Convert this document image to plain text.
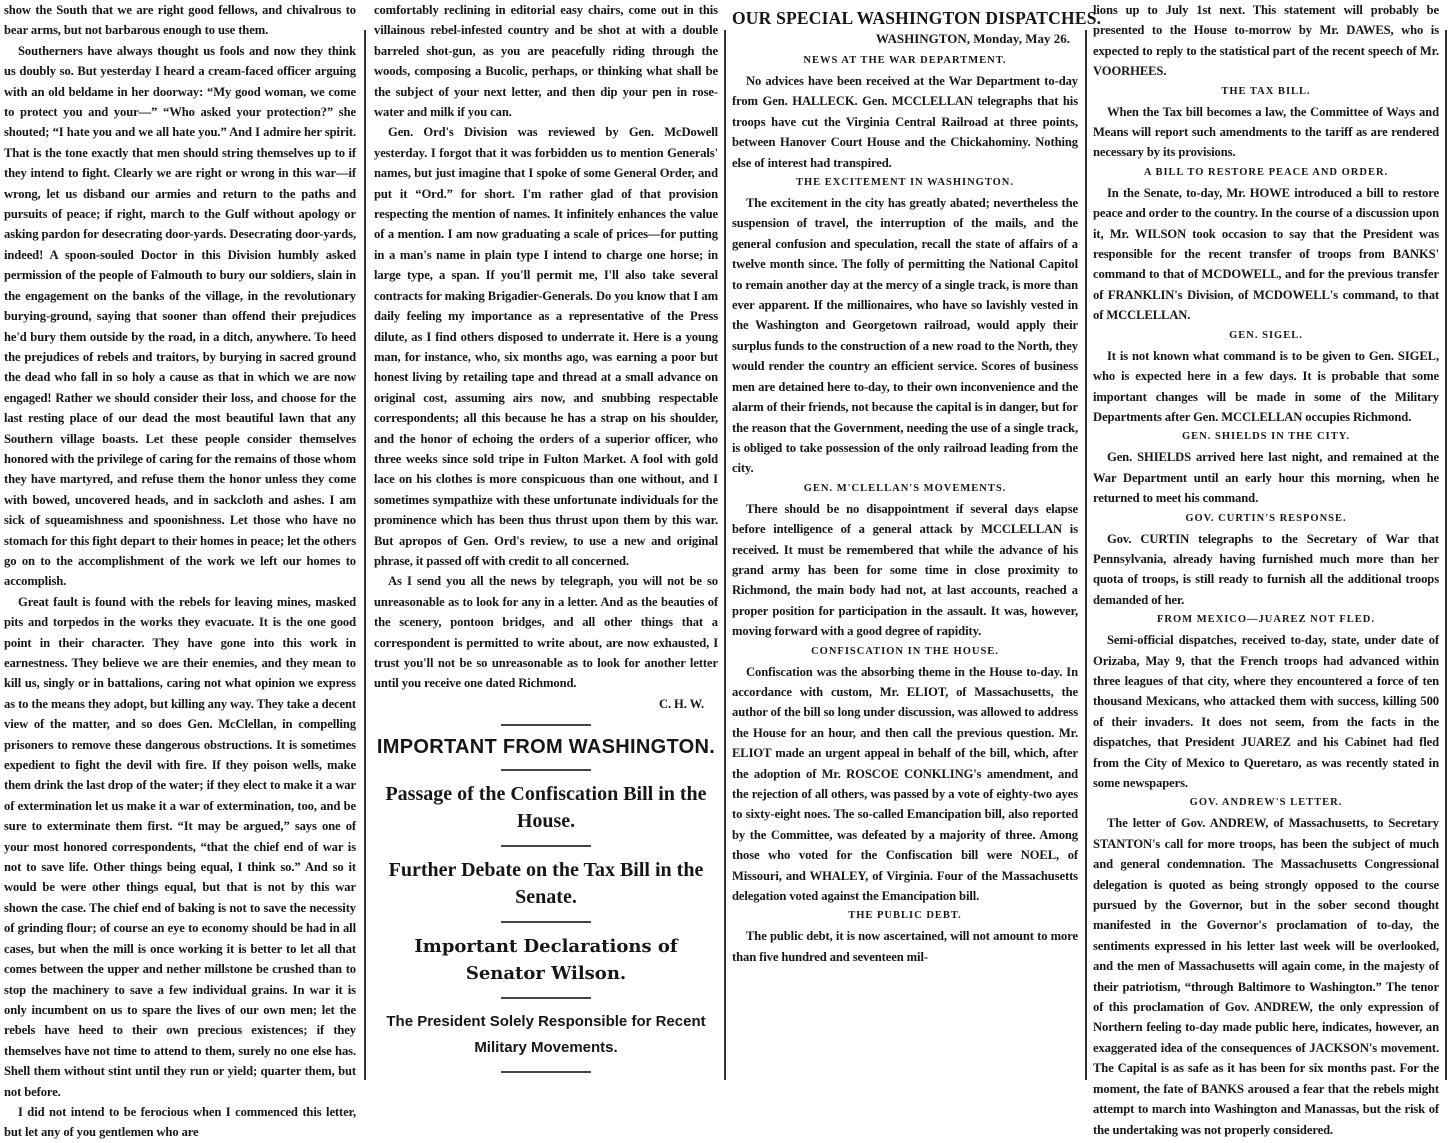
show the South that we are right good fellows, and chivalrous to bear arms, but not barbarous enough to use them.

Southerners have always thought us fools and now they think us doubly so. But yesterday I heard a cream-faced officer arguing with an old beldame in her doorway: “My good woman, we come to protect you and your—” “Who asked your protection?” she shouted; “I hate you and we all hate you.” And I admire her spirit. That is the tone exactly that men should string themselves up to if they intend to fight. Clearly we are right or wrong in this war—if wrong, let us disband our armies and return to the paths and pursuits of peace; if right, march to the Gulf without apology or asking pardon for desecrating door-yards. Desecrating door-yards, indeed! A spoon-souled Doctor in this Division humbly asked permission of the people of Falmouth to bury our soldiers, slain in the engagement on the banks of the village, in the revolutionary burying-ground, saying that sooner than offend their prejudices he'd bury them outside by the road, in a ditch, anywhere. To heed the prejudices of rebels and traitors, by burying in sacred ground the dead who fall in so holy a cause as that in which we are now engaged! Rather we should consider their loss, and choose for the last resting place of our dead the most beautiful lawn that any Southern village boasts. Let these people consider themselves honored with the privilege of caring for the remains of those whom they have martyred, and refuse them the honor unless they come with bowed, uncovered heads, and in sackcloth and ashes. I am sick of squeamishness and spoonishness. Let those who have no stomach for this fight depart to their homes in peace; let the others go on to the accomplishment of the work we left our homes to accomplish.

Great fault is found with the rebels for leaving mines, masked pits and torpedos in the works they evacuate. It is the one good point in their character. They have gone into this work in earnestness. They believe we are their enemies, and they mean to kill us, singly or in battalions, caring not what opinion we express as to the means they adopt, but killing any way. They take a decent view of the matter, and so does Gen. McClellan, in compelling prisoners to remove these dangerous obstructions. It is sometimes expedient to fight the devil with fire. If they poison wells, make them drink the last drop of the water; if they elect to make it a war of extermination let us make it a war of extermination, too, and be sure to exterminate them first. “It may be argued,” says one of your most honored correspondents, “that the chief end of war is not to save life. Other things being equal, I think so.” And so it would be were other things equal, but that is not by this war shown the case. The chief end of baking is not to save the necessity of grinding flour; of course an eye to economy should be had in all cases, but when the mill is once working it is better to let all that comes between the upper and nether millstone be crushed than to stop the machinery to save a few individual grains. In war it is only incumbent on us to spare the lives of our own men; let the rebels have heed to their own precious existences; if they themselves have not time to attend to them, surely no one else has. Shell them without stint until they run or yield; quarter them, but not before.

I did not intend to be ferocious when I commenced this letter, but let any of you gentlemen who are

comfortably reclining in editorial easy chairs, come out in this villainous rebel-infested country and be shot at with a double barreled shot-gun, as you are peacefully riding through the woods, composing a Bucolic, perhaps, or thinking what shall be the subject of your next letter, and then dip your pen in rose-water and milk if you can.

Gen. Ord's Division was reviewed by Gen. McDowell yesterday. I forgot that it was forbidden us to mention Generals' names, but just imagine that I spoke of some General Order, and put it “Ord.” for short. I'm rather glad of that provision respecting the mention of names. It infinitely enhances the value of a mention. I am now graduating a scale of prices—for putting in a man's name in plain type I intend to charge one horse; in large type, a span. If you'll permit me, I'll also take several contracts for making Brigadier-Generals. Do you know that I am daily feeling my importance as a representative of the Press dilute, as I find others disposed to underrate it. Here is a young man, for instance, who, six months ago, was earning a poor but honest living by retailing tape and thread at a small advance on original cost, assuming airs now, and snubbing respectable correspondents; all this because he has a strap on his shoulder, and the honor of echoing the orders of a superior officer, who three weeks since sold tripe in Fulton Market. A fool with gold lace on his clothes is more conspicuous than one without, and I sometimes sympathize with these unfortunate individuals for the prominence which has been thus thrust upon them by this war. But apropos of Gen. Ord's review, to use a new and original phrase, it passed off with credit to all concerned.

As I send you all the news by telegraph, you will not be so unreasonable as to look for any in a letter. And as the beauties of the scenery, pontoon bridges, and all other things that a correspondent is permitted to write about, are now exhausted, I trust you'll not be so unreasonable as to look for another letter until you receive one dated Richmond.

C. H. W.

IMPORTANT FROM WASHINGTON.

Passage of the Confiscation Bill in the House.

Further Debate on the Tax Bill in the Senate.

Important Declarations of Senator Wilson.

The President Solely Responsible for Recent Military Movements.

OUR SPECIAL WASHINGTON DISPATCHES.

WASHINGTON, Monday, May 26.

NEWS AT THE WAR DEPARTMENT.

No advices have been received at the War Department to-day from Gen. HALLECK. Gen. MCCLELLAN telegraphs that his troops have cut the Virginia Central Railroad at three points, between Hanover Court House and the Chickahominy. Nothing else of interest had transpired.

THE EXCITEMENT IN WASHINGTON.

The excitement in the city has greatly abated; nevertheless the suspension of travel, the interruption of the mails, and the general confusion and speculation, recall the state of affairs of a twelve month since. The folly of permitting the National Capitol to remain another day at the mercy of a single track, is more than ever apparent. If the millionaires, who have so lavishly vested in the Washington and Georgetown railroad, would apply their surplus funds to the construction of a new road to the North, they would render the country an efficient service. Scores of business men are detained here to-day, to their own inconvenience and the alarm of their friends, not because the capital is in danger, but for the reason that the Government, needing the use of a single track, is obliged to take possession of the only railroad leading from the city.

GEN. M'CLELLAN'S MOVEMENTS.

There should be no disappointment if several days elapse before intelligence of a general attack by MCCLELLAN is received. It must be remembered that while the advance of his grand army has been for some time in close proximity to Richmond, the main body had not, at last accounts, reached a proper position for participation in the assault. It was, however, moving forward with a good degree of rapidity.

CONFISCATION IN THE HOUSE.

Confiscation was the absorbing theme in the House to-day. In accordance with custom, Mr. ELIOT, of Massachusetts, the author of the bill so long under discussion, was allowed to address the House for an hour, and then call the previous question. Mr. ELIOT made an urgent appeal in behalf of the bill, which, after the adoption of Mr. ROSCOE CONKLING's amendment, and the rejection of all others, was passed by a vote of eighty-two ayes to sixty-eight noes. The so-called Emancipation bill, also reported by the Committee, was defeated by a majority of three. Among those who voted for the Confiscation bill were NOEL, of Missouri, and WHALEY, of Virginia. Four of the Massachusetts delegation voted against the Emancipation bill.

THE PUBLIC DEBT.

The public debt, it is now ascertained, will not amount to more than five hundred and seventeen mil-

lions up to July 1st next. This statement will probably be presented to the House to-morrow by Mr. DAWES, who is expected to reply to the statistical part of the recent speech of Mr. VOORHEES.

THE TAX BILL.

When the Tax bill becomes a law, the Committee of Ways and Means will report such amendments to the tariff as are rendered necessary by its provisions.

A BILL TO RESTORE PEACE AND ORDER.

In the Senate, to-day, Mr. HOWE introduced a bill to restore peace and order to the country. In the course of a discussion upon it, Mr. WILSON took occasion to say that the President was responsible for the recent transfer of troops from BANKS' command to that of MCDOWELL, and for the previous transfer of FRANKLIN's Division, of MCDOWELL's command, to that of MCCLELLAN.

GEN. SIGEL.

It is not known what command is to be given to Gen. SIGEL, who is expected here in a few days. It is probable that some important changes will be made in some of the Military Departments after Gen. MCCLELLAN occupies Richmond.

GEN. SHIELDS IN THE CITY.

Gen. SHIELDS arrived here last night, and remained at the War Department until an early hour this morning, when he returned to meet his command.

GOV. CURTIN'S RESPONSE.

Gov. CURTIN telegraphs to the Secretary of War that Pennsylvania, already having furnished much more than her quota of troops, is still ready to furnish all the additional troops demanded of her.

FROM MEXICO—JUAREZ NOT FLED.

Semi-official dispatches, received to-day, state, under date of Orizaba, May 9, that the French troops had advanced within three leagues of that city, where they encountered a force of ten thousand Mexicans, who attacked them with success, killing 500 of their invaders. It does not seem, from the facts in the dispatches, that President JUAREZ and his Cabinet had fled from the City of Mexico to Queretaro, as was recently stated in some newspapers.

GOV. ANDREW'S LETTER.

The letter of Gov. ANDREW, of Massachusetts, to Secretary STANTON's call for more troops, has been the subject of much and general condemnation. The Massachusetts Congressional delegation is quoted as being strongly opposed to the course pursued by the Governor, but in the sober second thought manifested in the Governor's proclamation of to-day, the sentiments expressed in his letter last week will be overlooked, and the men of Massachusetts will again come, in the majesty of their patriotism, “through Baltimore to Washington.” The tenor of this proclamation of Gov. ANDREW, the only expression of Northern feeling to-day made public here, indicates, however, an exaggerated idea of the consequences of JACKSON's movement. The Capital is as safe as it has been for six months past. For the moment, the fate of BANKS aroused a fear that the rebels might attempt to march into Washington and Manassas, but the risk of the undertaking was not properly considered.
